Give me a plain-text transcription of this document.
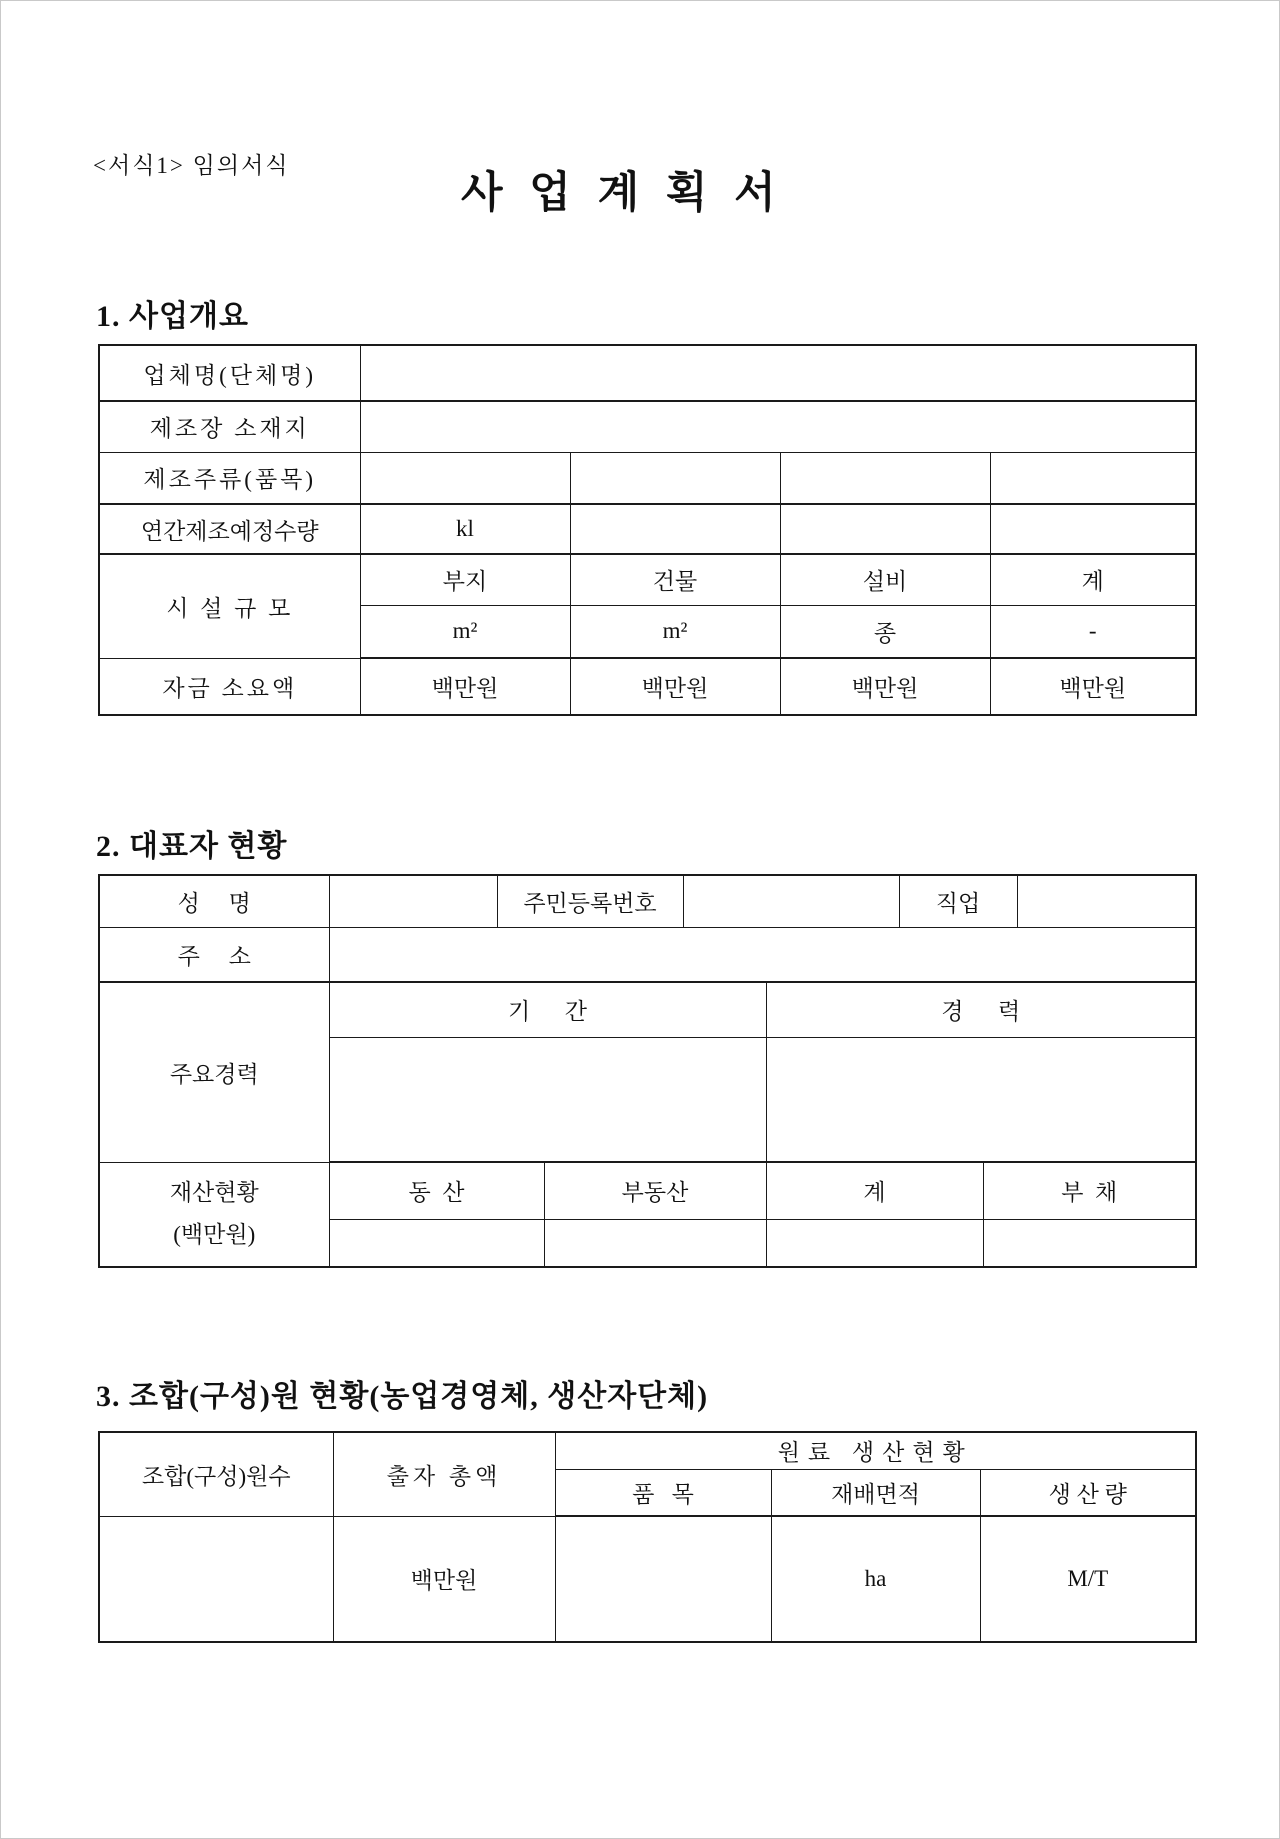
<서식1> 임의서식
사 업 계 획 서
1. 사업개요
업체명(단체명)				
제조장 소재지				
제조주류(품목)				
연간제조예정수량	kl			
시 설 규 모	부지	건물	설비	계
	m²	m²	종	-
자금 소요액	백만원	백만원	백만원	백만원
2. 대표자 현황
성     명		주민등록번호				직업		
주     소								
주요경력	기      간				경      력			

재산현황
(백만원)	동  산		부동산		계		부  채	

3. 조합(구성)원 현황(농업경영체, 생산자단체)
조합(구성)원수	출자 총액	원료 생산현황		
		품   목	재배면적	생 산 량
	백만원		ha	M/T
